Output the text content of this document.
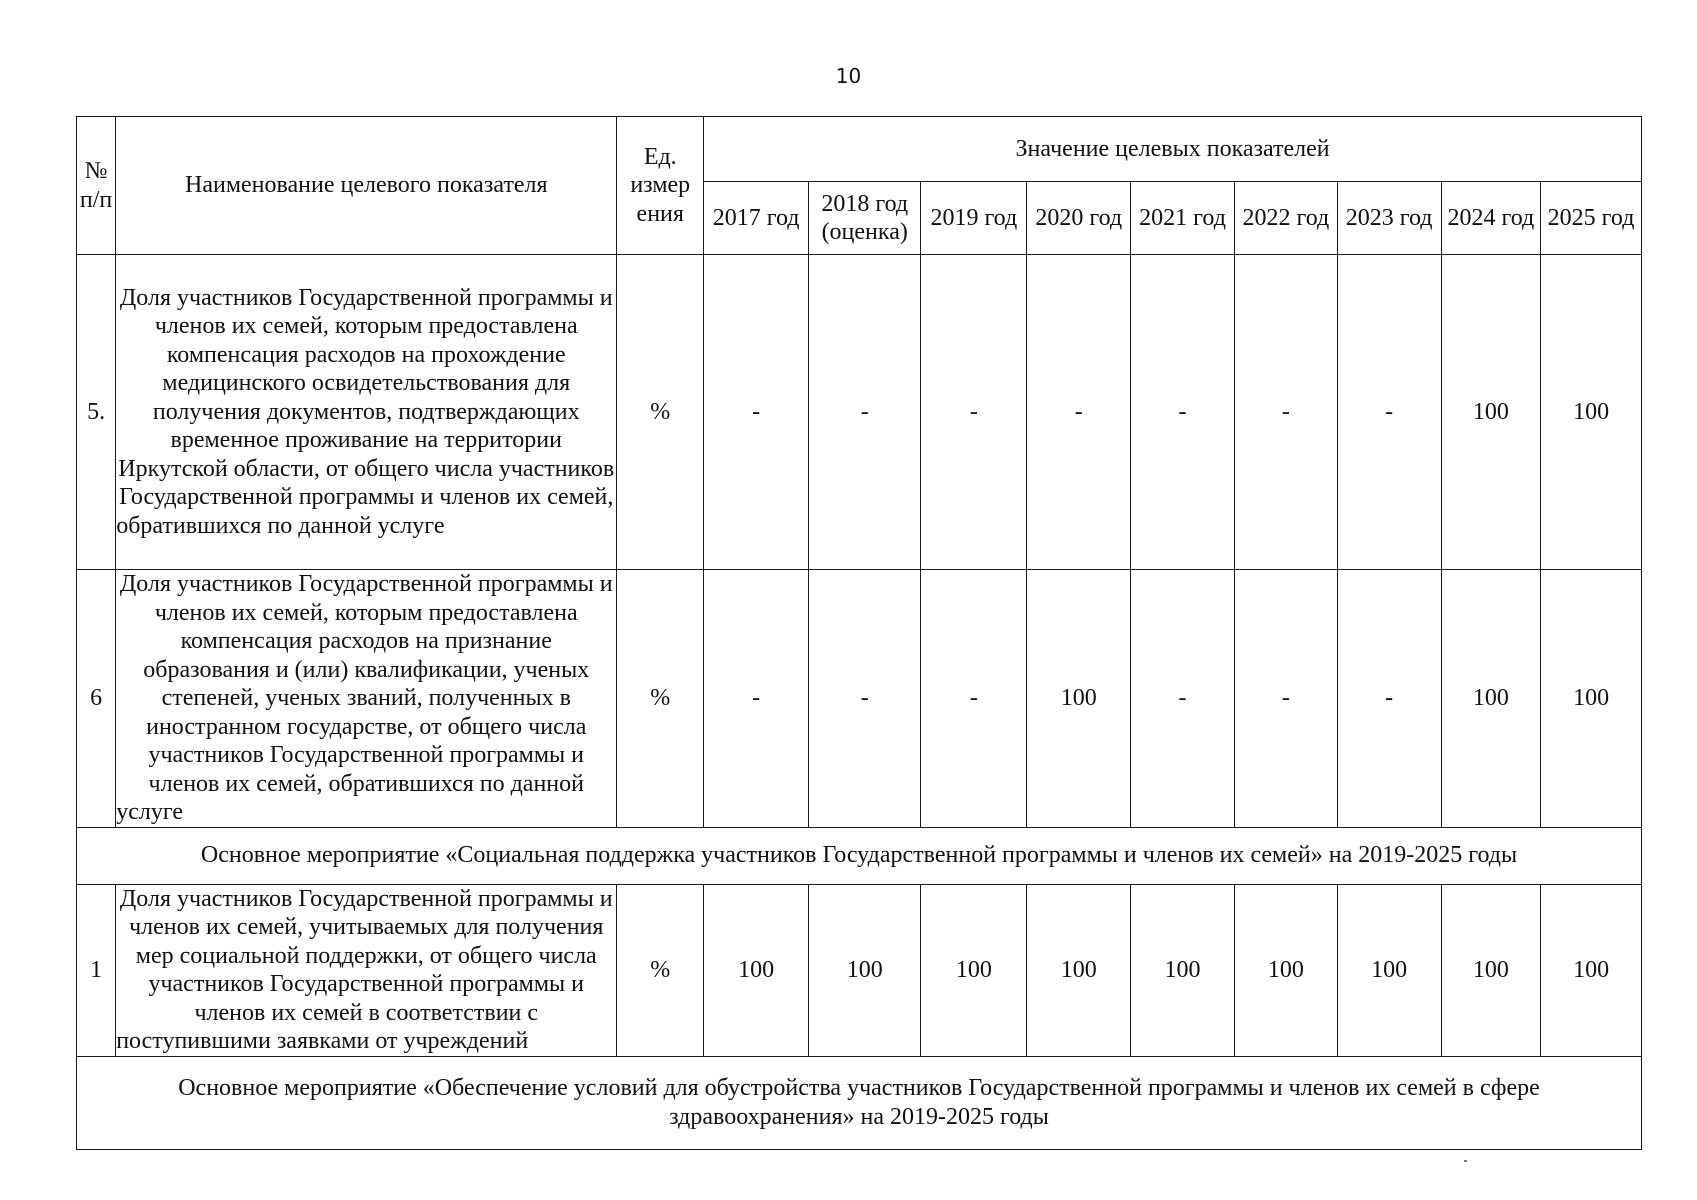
10
№ п/п	Наименование целевого показателя	Ед. измер ения	Значение целевых показателей								
			2017 год	2018 год (оценка)	2019 год	2020 год	2021 год	2022 год	2023 год	2024 год	2025 год
5.	Доля участников Государственной программы и членов их семей, которым предоставлена компенсация расходов на прохождение медицинского освидетельствования для получения документов, подтверждающих временное проживание на территории Иркутской области, от общего числа участников Государственной программы и членов их семей, обратившихся по данной услуге	%	-	-	-	-	-	-	-	100	100
6	Доля участников Государственной программы и членов их семей, которым предоставлена компенсация расходов на признание образования и (или) квалификации, ученых степеней, ученых званий, полученных в иностранном государстве, от общего числа участников Государственной программы и членов их семей, обратившихся по данной услуге	%	-	-	-	100	-	-	-	100	100
Основное мероприятие «Социальная поддержка участников Государственной программы и членов их семей» на 2019-2025 годы											
1	Доля участников Государственной программы и членов их семей, учитываемых для получения мер социальной поддержки, от общего числа участников Государственной программы и членов их семей в соответствии с поступившими заявками от учреждений	%	100	100	100	100	100	100	100	100	100
Основное мероприятие «Обеспечение условий для обустройства участников Государственной программы и членов их семей в сфере здравоохранения» на 2019-2025 годы											
